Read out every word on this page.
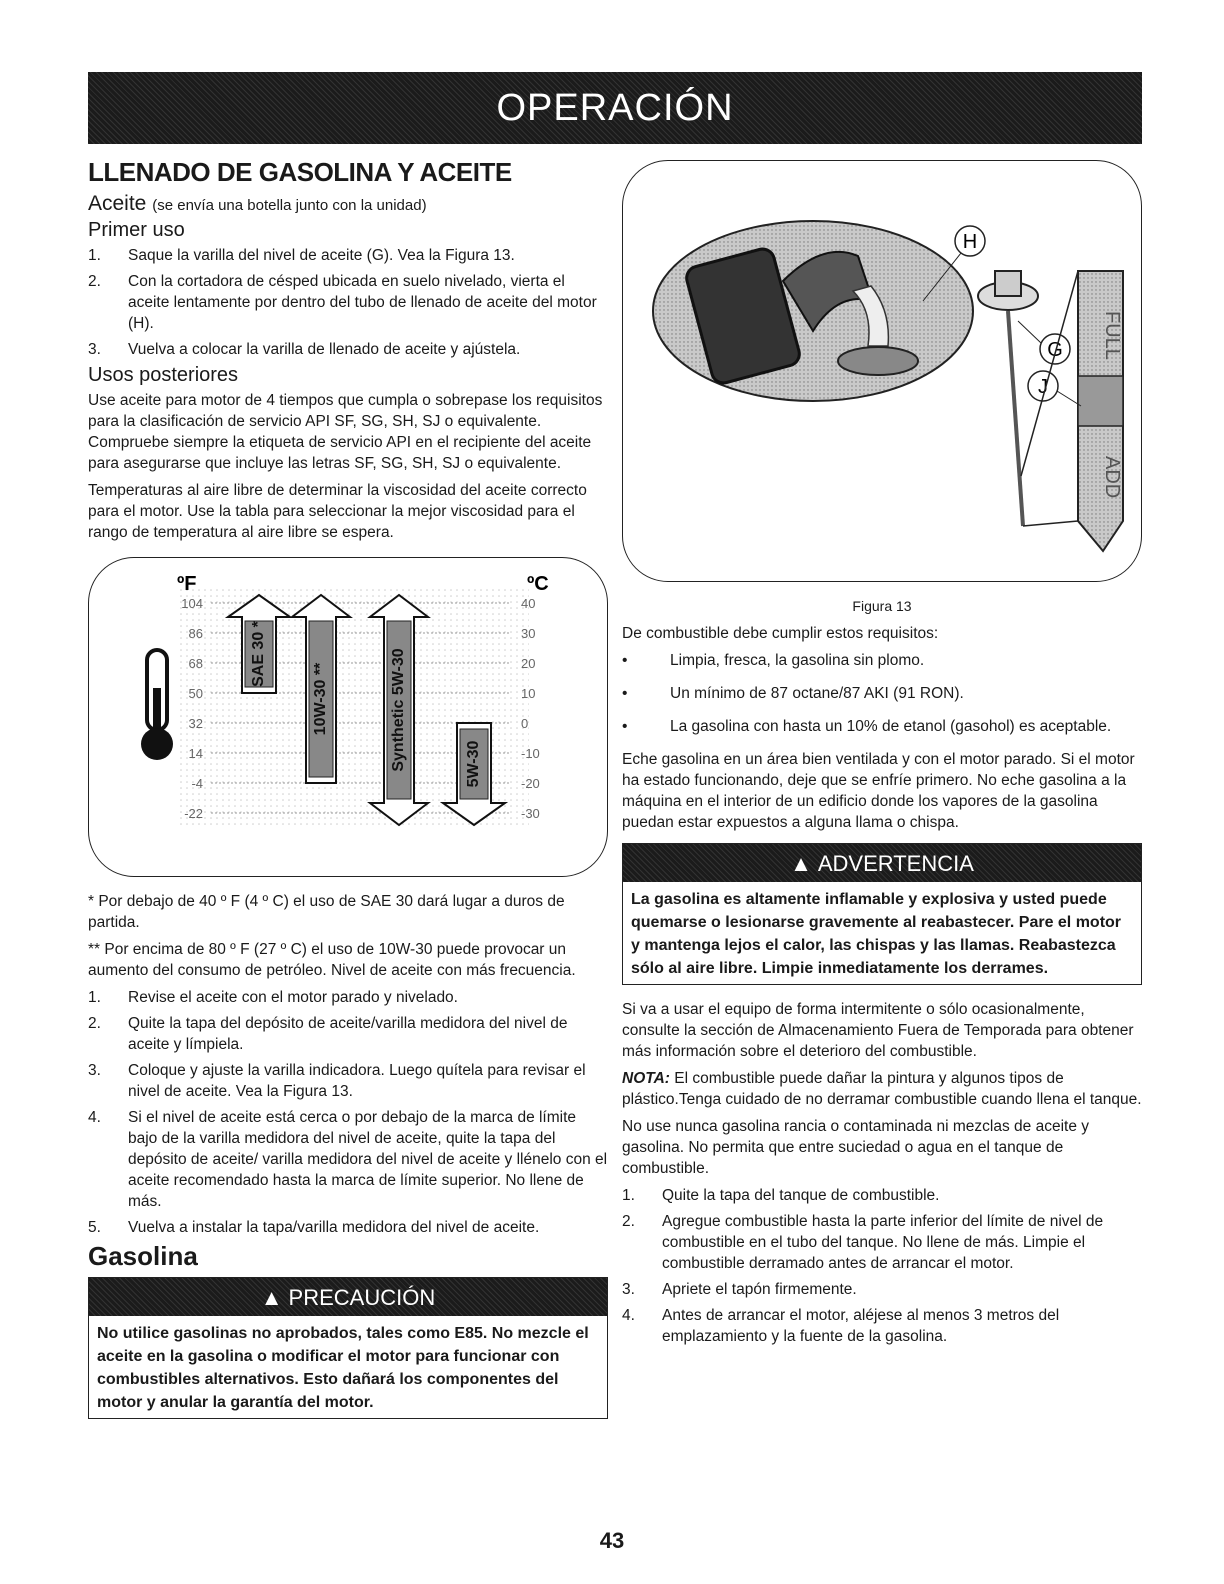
OPERACIÓN
LLENADO DE GASOLINA Y ACEITE
Aceite (se envía una botella junto con la unidad)
Primer uso
1.	Saque la varilla del nivel de aceite (G). Vea la Figura 13.
2.	Con la cortadora de césped ubicada en suelo nivelado, vierta el aceite lentamente por dentro del tubo de llenado de aceite del motor (H).
3.	Vuelva a colocar la varilla de llenado de aceite y ajústela.
Usos posteriores

Use aceite para motor de 4 tiempos que cumpla o sobrepase los requisitos para la clasificación de servicio API SF, SG, SH, SJ o equivalente. Compruebe siempre la etiqueta de servicio API en el recipiente del aceite para asegurarse que incluye las letras SF, SG, SH, SJ o equivalente.

Temperaturas al aire libre de determinar la viscosidad del aceite correcto para el motor. Use la tabla para seleccionar la mejor viscosidad para el rango de temperatura al aire libre se espera.

104	40
86	30
68	20
50	10
32	0
14	-10
-4	-20
-22	-30
SAE 30 *
10W-30 **	Synthetic 5W-30	5W-30
ºF	ºC

* Por debajo de 40 º F (4 º C) el uso de SAE 30 dará lugar a duros de partida.

** Por encima de 80 º F (27 º C) el uso de 10W-30 puede provocar un aumento del consumo de petróleo. Nivel de aceite con más frecuencia.

1.	Revise el aceite con el motor parado y nivelado.
2.	Quite la tapa del depósito de aceite/varilla medidora del nivel de aceite y límpiela.
3.	Coloque y ajuste la varilla indicadora. Luego quítela para revisar el nivel de aceite. Vea la Figura 13.
4.	Si el nivel de aceite está cerca o por debajo de la marca de límite bajo de la varilla medidora del nivel de aceite, quite la tapa del depósito de aceite/ varilla medidora del nivel de aceite y llénelo con el aceite recomendado hasta la marca de límite superior. No llene de más.
5.	Vuelva a instalar la tapa/varilla medidora del nivel de aceite.
Gasolina
▲ PRECAUCIÓN
No utilice gasolinas no aprobados, tales como E85. No mezcle el aceite en la gasolina o modificar el motor para funcionar con combustibles alternativos. Esto dañará los componentes del motor y anular la garantía del motor.
FULL
ADD
H
G
J
Figura 13

De combustible debe cumplir estos requisitos:

•	Limpia, fresca, la gasolina sin plomo.
•	Un mínimo de 87 octane/87 AKI (91 RON).
•	La gasolina con hasta un 10% de etanol (gasohol) es aceptable.

Eche gasolina en un área bien ventilada y con el motor parado. Si el motor ha estado funcionando, deje que se enfríe primero. No eche gasolina a la máquina en el interior de un edificio donde los vapores de la gasolina puedan estar expuestos a alguna llama o chispa.

▲ ADVERTENCIA
La gasolina es altamente inflamable y explosiva y usted puede quemarse o lesionarse gravemente al reabastecer. Pare el motor y mantenga lejos el calor, las chispas y las llamas. Reabastezca sólo al aire libre. Limpie inmediatamente los derrames.

Si va a usar el equipo de forma intermitente o sólo ocasionalmente, consulte la sección de Almacenamiento Fuera de Temporada para obtener más información sobre el deterioro del combustible.

NOTA: El combustible puede dañar la pintura y algunos tipos de plástico.Tenga cuidado de no derramar combustible cuando llena el tanque.

No use nunca gasolina rancia o contaminada ni mezclas de aceite y gasolina. No permita que entre suciedad o agua en el tanque de combustible.

1.	Quite la tapa del tanque de combustible.
2.	Agregue combustible hasta la parte inferior del límite de nivel de combustible en el tubo del tanque. No llene de más. Limpie el combustible derramado antes de arrancar el motor.
3.	Apriete el tapón firmemente.
4.	Antes de arrancar el motor, aléjese al menos 3 metros del emplazamiento y la fuente de la gasolina.
43
